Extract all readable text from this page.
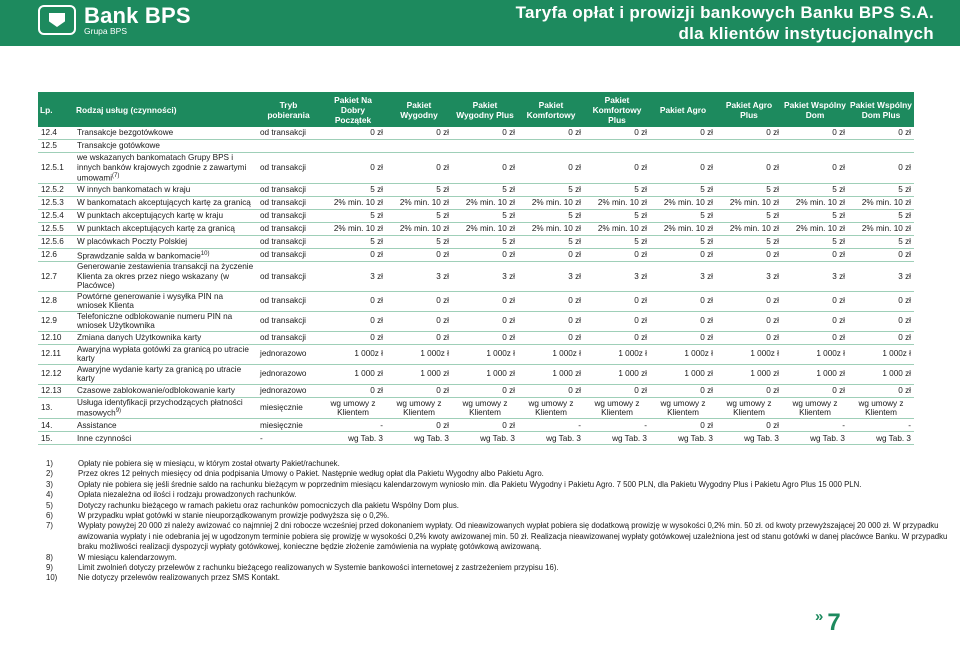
Bank BPS
Grupa BPS
Taryfa opłat i prowizji bankowych Banku BPS S.A.
dla klientów instytucjonalnych
Lp.	Rodzaj usług (czynności)	Tryb pobierania	Pakiet Na Dobry Początek	Pakiet Wygodny	Pakiet Wygodny Plus	Pakiet Komfortowy	Pakiet Komfortowy Plus	Pakiet Agro	Pakiet Agro Plus	Pakiet Wspólny Dom	Pakiet Wspólny Dom Plus
12.4	Transakcje bezgotówkowe	od transakcji	0 zł	0 zł	0 zł	0 zł	0 zł	0 zł	0 zł	0 zł	0 zł
12.5	Transakcje gotówkowe										
12.5.1	we wskazanych bankomatach Grupy BPS i innych banków krajowych zgodnie z zawartymi umowami$^{(7)}$	od transakcji	0 zł	0 zł	0 zł	0 zł	0 zł	0 zł	0 zł	0 zł	0 zł
12.5.2	W innych bankomatach w kraju	od transakcji	5 zł	5 zł	5 zł	5 zł	5 zł	5 zł	5 zł	5 zł	5 zł
12.5.3	W bankomatach akceptujących kartę za granicą	od transakcji	2% min. 10 zł	2% min. 10 zł	2% min. 10 zł	2% min. 10 zł	2% min. 10 zł	2% min. 10 zł	2% min. 10 zł	2% min. 10 zł	2% min. 10 zł
12.5.4	W punktach akceptujących kartę w kraju	od transakcji	5 zł	5 zł	5 zł	5 zł	5 zł	5 zł	5 zł	5 zł	5 zł
12.5.5	W punktach akceptujących kartę za granicą	od transakcji	2% min. 10 zł	2% min. 10 zł	2% min. 10 zł	2% min. 10 zł	2% min. 10 zł	2% min. 10 zł	2% min. 10 zł	2% min. 10 zł	2% min. 10 zł
12.5.6	W placówkach Poczty Polskiej	od transakcji	5 zł	5 zł	5 zł	5 zł	5 zł	5 zł	5 zł	5 zł	5 zł
12.6	Sprawdzanie salda w bankomacie$^{10)}$	od transakcji	0 zł	0 zł	0 zł	0 zł	0 zł	0 zł	0 zł	0 zł	0 zł
12.7	Generowanie zestawienia transakcji na życzenie Klienta za okres przez niego wskazany (w Placówce)	od transakcji	3 zł	3 zł	3 zł	3 zł	3 zł	3 zł	3 zł	3 zł	3 zł
12.8	Powtórne generowanie i wysyłka PIN na wniosek Klienta	od transakcji	0 zł	0 zł	0 zł	0 zł	0 zł	0 zł	0 zł	0 zł	0 zł
12.9	Telefoniczne odblokowanie numeru PIN na wniosek Użytkownika	od transakcji	0 zł	0 zł	0 zł	0 zł	0 zł	0 zł	0 zł	0 zł	0 zł
12.10	Zmiana danych Użytkownika karty	od transakcji	0 zł	0 zł	0 zł	0 zł	0 zł	0 zł	0 zł	0 zł	0 zł
12.11	Awaryjna wypłata gotówki za granicą po utracie karty	jednorazowo	1 000z ł	1 000z ł	1 000z ł	1 000z ł	1 000z ł	1 000z ł	1 000z ł	1 000z ł	1 000z ł
12.12	Awaryjne wydanie karty za granicą po utracie karty	jednorazowo	1 000 zł	1 000 zł	1 000 zł	1 000 zł	1 000 zł	1 000 zł	1 000 zł	1 000 zł	1 000 zł
12.13	Czasowe zablokowanie/odblokowanie karty	jednorazowo	0 zł	0 zł	0 zł	0 zł	0 zł	0 zł	0 zł	0 zł	0 zł
13.	Usługa identyfikacji przychodzących płatności masowych$^{9)}$	miesięcznie	wg umowy z Klientem	wg umowy z Klientem	wg umowy z Klientem	wg umowy z Klientem	wg umowy z Klientem	wg umowy z Klientem	wg umowy z Klientem	wg umowy z Klientem	wg umowy z Klientem
14.	Assistance	miesięcznie	-	0 zł	0 zł	-	-	0 zł	0 zł	-	-
15.	Inne czynności	-	wg Tab. 3	wg Tab. 3	wg Tab. 3	wg Tab. 3	wg Tab. 3	wg Tab. 3	wg Tab. 3	wg Tab. 3	wg Tab. 3
1)	Opłaty nie pobiera się w miesiącu, w którym został otwarty Pakiet/rachunek.
2)	Przez okres 12 pełnych miesięcy od dnia podpisania Umowy o Pakiet. Następnie według opłat dla Pakietu Wygodny albo Pakietu Agro.
3)	Opłaty nie pobiera się jeśli średnie saldo na rachunku bieżącym w poprzednim miesiącu kalendarzowym wyniosło min. dla Pakietu Wygodny i Pakietu Agro. 7 500 PLN, dla Pakietu Wygodny Plus i Pakietu Agro Plus 15 000 PLN.
4)	Opłata niezależna od ilości i rodzaju prowadzonych rachunków.
5)	Dotyczy rachunku bieżącego w ramach pakietu oraz rachunków pomocniczych dla pakietu Wspólny Dom plus.
6)	W przypadku wpłat gotówki w stanie nieuporządkowanym prowizje podwyższa się o 0,2%.
7)	Wypłaty powyżej 20 000 zł należy awizować co najmniej 2 dni robocze wcześniej przed dokonaniem wypłaty. Od nieawizowanych wypłat pobiera się dodatkową prowizję w wysokości 0,2% min. 50 zł. od kwoty przewyższającej 20 000 zł. W przypadku awizowania wypłaty i nie odebrania jej w ugodzonym terminie pobiera się prowizję w wysokości 0,2% kwoty awizowanej min. 50 zł. Realizacja nieawizowanej wypłaty gotówkowej uzależniona jest od stanu gotówki w danej placówce Banku. W przypadku braku możliwości realizacji dyspozycji wypłaty gotówkowej, konieczne będzie złożenie zamówienia na wypłatę gotówkową awizowaną.
8)	W miesiącu kalendarzowym.
9)	Limit zwolnień dotyczy przelewów z rachunku bieżącego realizowanych w Systemie bankowości internetowej z zastrzeżeniem przypisu 16).
10)	Nie dotyczy przelewów realizowanych przez SMS Kontakt.
» 7
